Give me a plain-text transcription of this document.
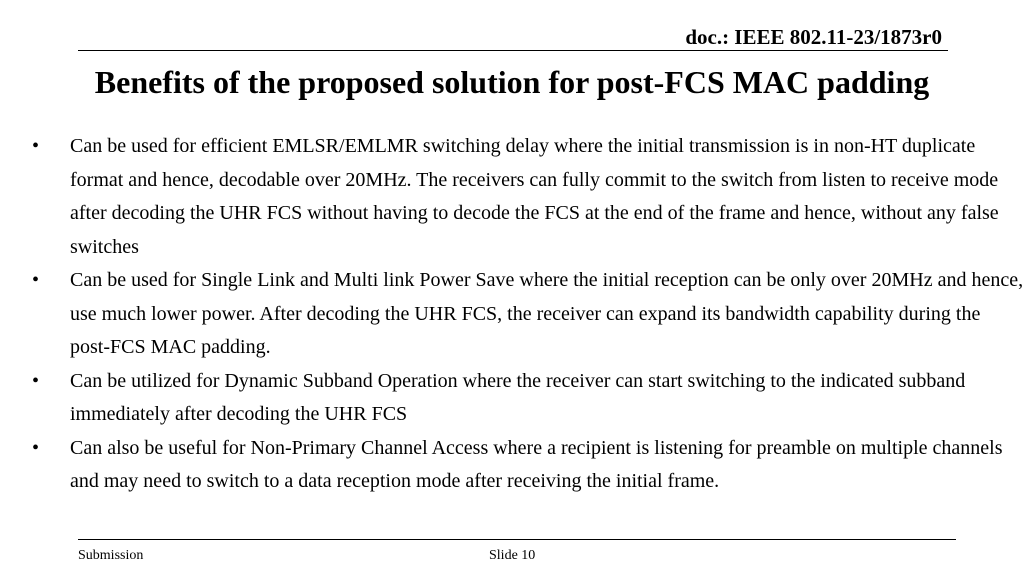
doc.: IEEE 802.11-23/1873r0
Benefits of the proposed solution for post-FCS MAC padding
• Can be used for efficient EMLSR/EMLMR switching delay where the initial transmission is in non-HT duplicate format and hence, decodable over 20MHz. The receivers can fully commit to the switch from listen to receive mode after decoding the UHR FCS without having to decode the FCS at the end of the frame and hence, without any false switches
• Can be used for Single Link and Multi link Power Save where the initial reception can be only over 20MHz and hence, use much lower power. After decoding the UHR FCS, the receiver can expand its bandwidth capability during the post-FCS MAC padding.
• Can be utilized for Dynamic Subband Operation where the receiver can start switching to the indicated subband immediately after decoding the UHR FCS
• Can also be useful for Non-Primary Channel Access where a recipient is listening for preamble on multiple channels and may need to switch to a data reception mode after receiving the initial frame.
Submission	Slide 10
